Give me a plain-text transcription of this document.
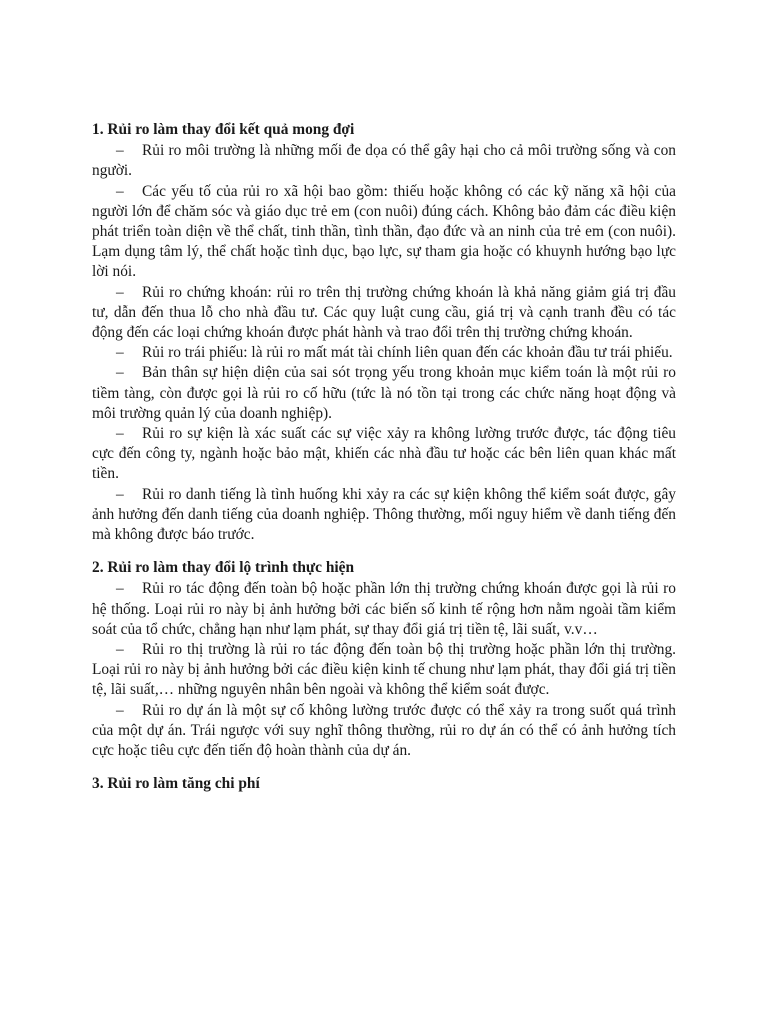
1. Rủi ro làm thay đổi kết quả mong đợi

– Rủi ro môi trường là những mối đe dọa có thể gây hại cho cả môi trường sống và con người.

– Các yếu tố của rủi ro xã hội bao gồm: thiếu hoặc không có các kỹ năng xã hội của người lớn để chăm sóc và giáo dục trẻ em (con nuôi) đúng cách. Không bảo đảm các điều kiện phát triển toàn diện về thể chất, tinh thần, tình thần, đạo đức và an ninh của trẻ em (con nuôi). Lạm dụng tâm lý, thể chất hoặc tình dục, bạo lực, sự tham gia hoặc có khuynh hướng bạo lực lời nói.

– Rủi ro chứng khoán: rủi ro trên thị trường chứng khoán là khả năng giảm giá trị đầu tư, dẫn đến thua lỗ cho nhà đầu tư. Các quy luật cung cầu, giá trị và cạnh tranh đều có tác động đến các loại chứng khoán được phát hành và trao đổi trên thị trường chứng khoán.

– Rủi ro trái phiếu: là rủi ro mất mát tài chính liên quan đến các khoản đầu tư trái phiếu.

– Bản thân sự hiện diện của sai sót trọng yếu trong khoản mục kiểm toán là một rủi ro tiềm tàng, còn được gọi là rủi ro cố hữu (tức là nó tồn tại trong các chức năng hoạt động và môi trường quản lý của doanh nghiệp).

– Rủi ro sự kiện là xác suất các sự việc xảy ra không lường trước được, tác động tiêu cực đến công ty, ngành hoặc bảo mật, khiến các nhà đầu tư hoặc các bên liên quan khác mất tiền.

– Rủi ro danh tiếng là tình huống khi xảy ra các sự kiện không thể kiểm soát được, gây ảnh hưởng đến danh tiếng của doanh nghiệp. Thông thường, mối nguy hiểm về danh tiếng đến mà không được báo trước.

2. Rủi ro làm thay đổi lộ trình thực hiện

– Rủi ro tác động đến toàn bộ hoặc phần lớn thị trường chứng khoán được gọi là rủi ro hệ thống. Loại rủi ro này bị ảnh hưởng bởi các biến số kinh tế rộng hơn nằm ngoài tầm kiểm soát của tổ chức, chẳng hạn như lạm phát, sự thay đổi giá trị tiền tệ, lãi suất, v.v…

– Rủi ro thị trường là rủi ro tác động đến toàn bộ thị trường hoặc phần lớn thị trường. Loại rủi ro này bị ảnh hưởng bởi các điều kiện kinh tế chung như lạm phát, thay đổi giá trị tiền tệ, lãi suất,… những nguyên nhân bên ngoài và không thể kiểm soát được.

– Rủi ro dự án là một sự cố không lường trước được có thể xảy ra trong suốt quá trình của một dự án. Trái ngược với suy nghĩ thông thường, rủi ro dự án có thể có ảnh hưởng tích cực hoặc tiêu cực đến tiến độ hoàn thành của dự án.

3. Rủi ro làm tăng chi phí
